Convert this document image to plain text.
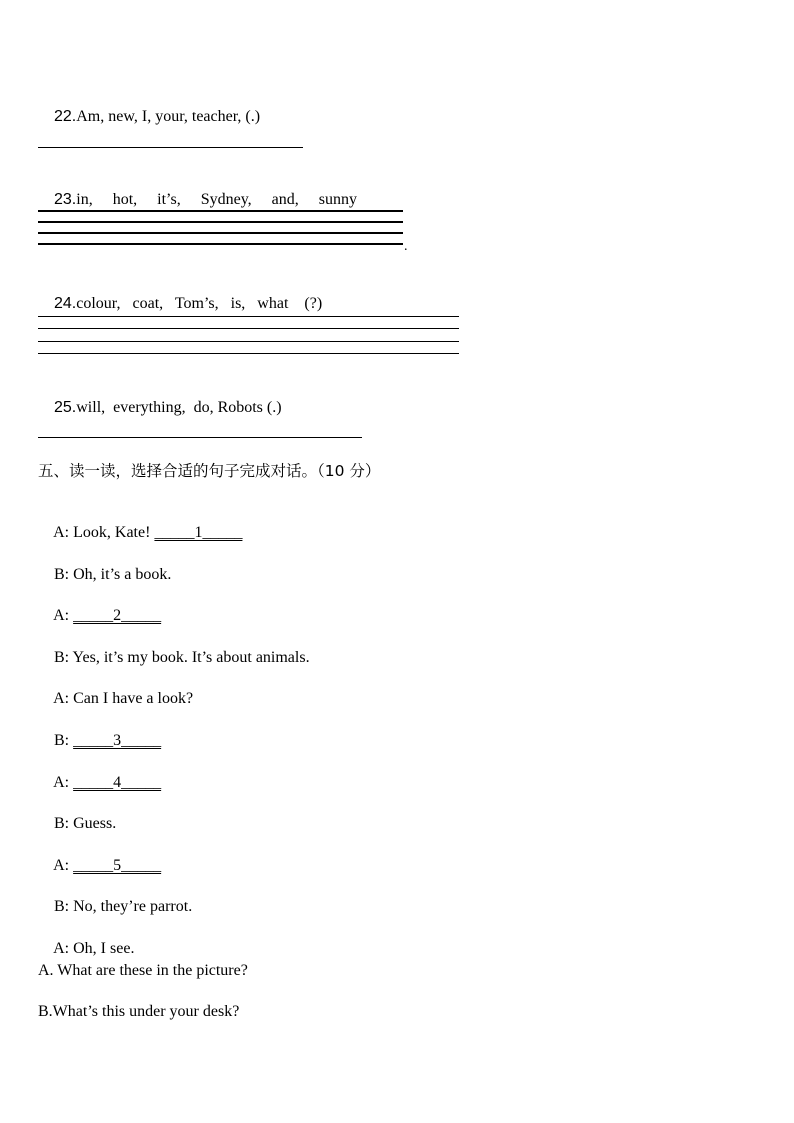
22.Am, new, I, your, teacher, (.)

23.in,     hot,     it’s,     Sydney,     and,     sunny

.

24.colour,   coat,   Tom’s,   is,   what    (?)

25.will,  everything,  do, Robots (.)

五、读一读，选择合适的句子完成对话。（10 分）

A: Look, Kate! _____1_____

B: Oh, it’s a book.

A: _____2_____

B: Yes, it’s my book. It’s about animals.

A: Can I have a look?

B: _____3_____

A: _____4_____

B: Guess.

A: _____5_____

B: No, they’re parrot.

A: Oh, I see.

A. What are these in the picture?
B.What’s this under your desk?
